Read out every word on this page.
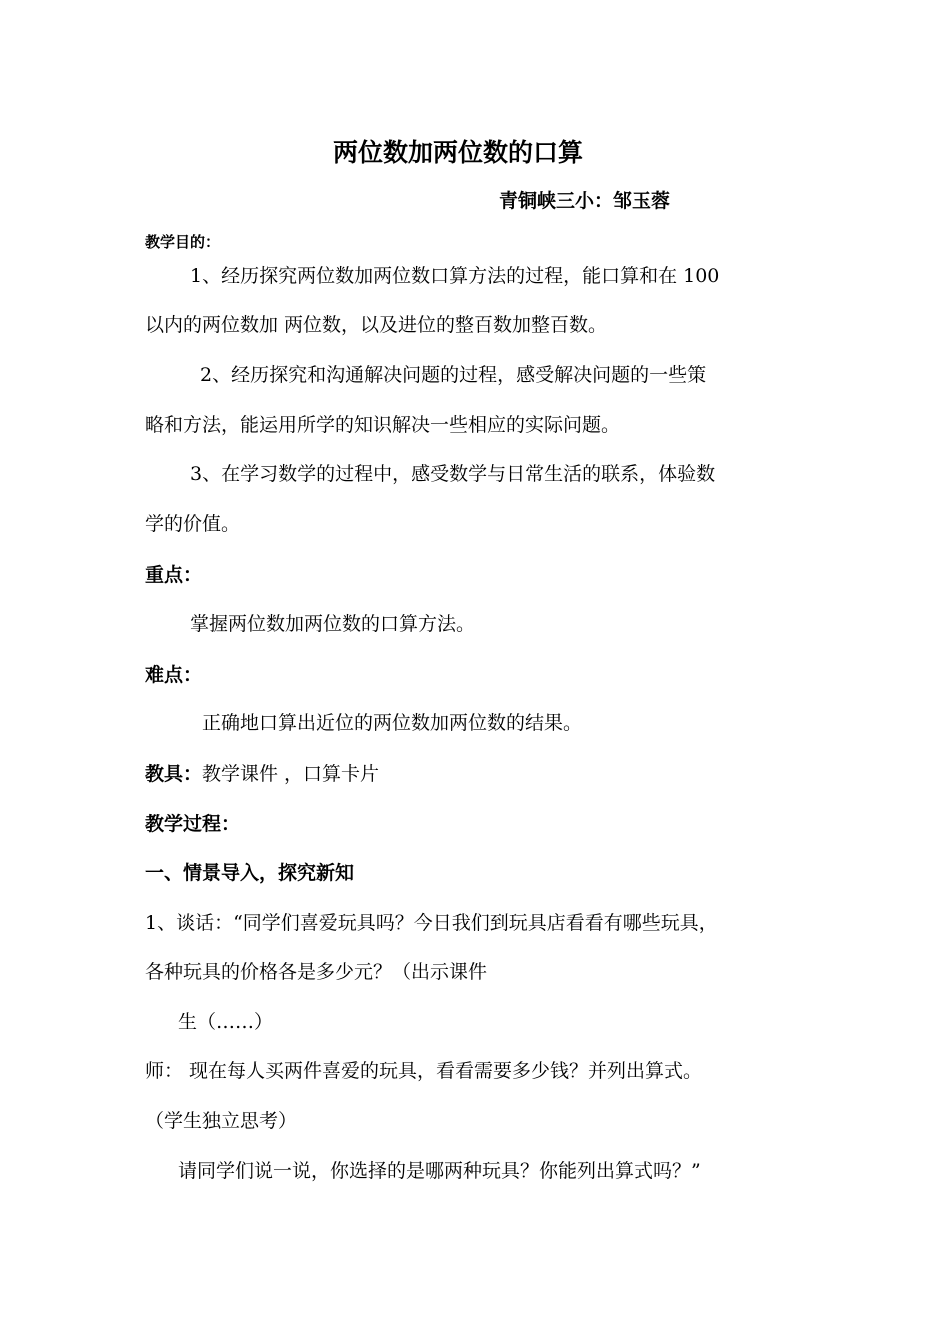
两位数加两位数的口算
青铜峡三小：邹玉蓉
教学目的：
1、经历探究两位数加两位数口算方法的过程，能口算和在 100
以内的两位数加 两位数，以及进位的整百数加整百数。
2、经历探究和沟通解决问题的过程，感受解决问题的一些策
略和方法，能运用所学的知识解决一些相应的实际问题。
3、在学习数学的过程中，感受数学与日常生活的联系，体验数
学的价值。
重点：
掌握两位数加两位数的口算方法。
难点：
正确地口算出近位的两位数加两位数的结果。
教具：教学课件 ，口算卡片
教学过程：
一、情景导入，探究新知
1、谈话：“同学们喜爱玩具吗？今日我们到玩具店看看有哪些玩具，
各种玩具的价格各是多少元？（出示课件
生（……）
师： 现在每人买两件喜爱的玩具，看看需要多少钱？并列出算式。
（学生独立思考）
请同学们说一说，你选择的是哪两种玩具？你能列出算式吗？”
